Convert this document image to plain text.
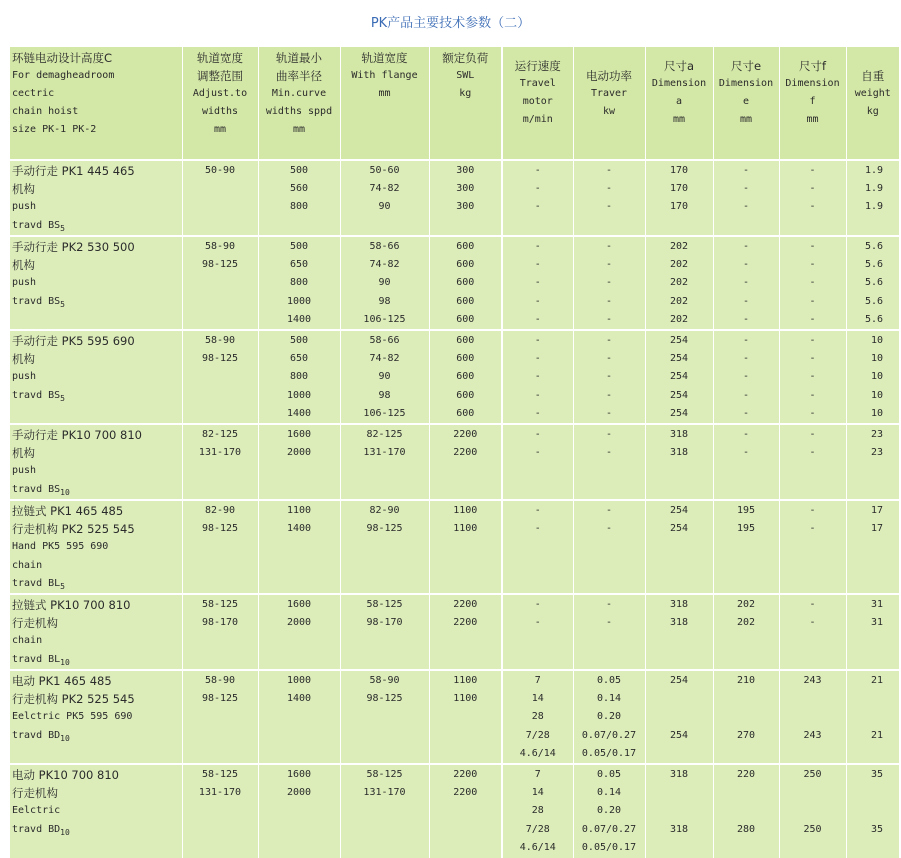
PK产品主要技术参数（二）
环链电动设计高度C
For demagheadroom
cectric
chain hoist
size PK-1 PK-2	轨道宽度
调整范围
Adjust.to
widths
mm	轨道最小
曲率半径
Min.curve
widths sppd
mm	轨道宽度
With flange
mm	额定负荷
SWL
kg	运行速度
Travel
motor
m/min	电动功率
Traver
kw	尺寸a
Dimension
a
mm	尺寸e
Dimension
e
mm	尺寸f
Dimension
f
mm	自重
weight
kg

手动行走 PK1 445 465
机构
push
travd $BS_5$	50-90	500
560
800	50-60
74-82
90	300
300
300	-
-
-	-
-
-	170
170
170	-
-
-	-
-
-	1.9
1.9
1.9

手动行走 PK2 530 500
机构
push
travd $BS_5$	58-90
98-125	500
650
800
1000
1400	58-66
74-82
90
98
106-125	600
600
600
600
600	-
-
-
-
-	-
-
-
-
-	202
202
202
202
202	-
-
-
-
-	-
-
-
-
-	5.6
5.6
5.6
5.6
5.6

手动行走 PK5 595 690
机构
push
travd $BS_5$	58-90
98-125	500
650
800
1000
1400	58-66
74-82
90
98
106-125	600
600
600
600
600	-
-
-
-
-	-
-
-
-
-	254
254
254
254
254	-
-
-
-
-	-
-
-
-
-	10
10
10
10
10

手动行走 PK10 700 810
机构
push
travd $BS_{10}$	82-125
131-170	1600
2000	82-125
131-170	2200
2200	-
-	-
-	318
318	-
-	-
-	23
23

拉链式 PK1 465 485
行走机构 PK2 525 545
Hand PK5 595 690
chain
travd $BL_5$	82-90
98-125	1100
1400	82-90
98-125	1100
1100	-
-	-
-	254
254	195
195	-
-	17
17

拉链式 PK10 700 810
行走机构
chain
travd $BL_{10}$	58-125
98-170	1600
2000	58-125
98-170	2200
2200	-
-	-
-	318
318	202
202	-
-	31
31

电动 PK1 465 485
行走机构 PK2 525 545
Eelctric PK5 595 690
travd $BD_{10}$	58-90
98-125	1000
1400	58-90
98-125	1100
1100	7
14
28
7/28
4.6/14	0.05
0.14
0.20
0.07/0.27
0.05/0.17	254
254	210
270	243
243	21
21

电动 PK10 700 810
行走机构
Eelctric
travd $BD_{10}$	58-125
131-170	1600
2000	58-125
131-170	2200
2200	7
14
28
7/28
4.6/14	0.05
0.14
0.20
0.07/0.27
0.05/0.17	318
318	220
280	250
250	35
35
